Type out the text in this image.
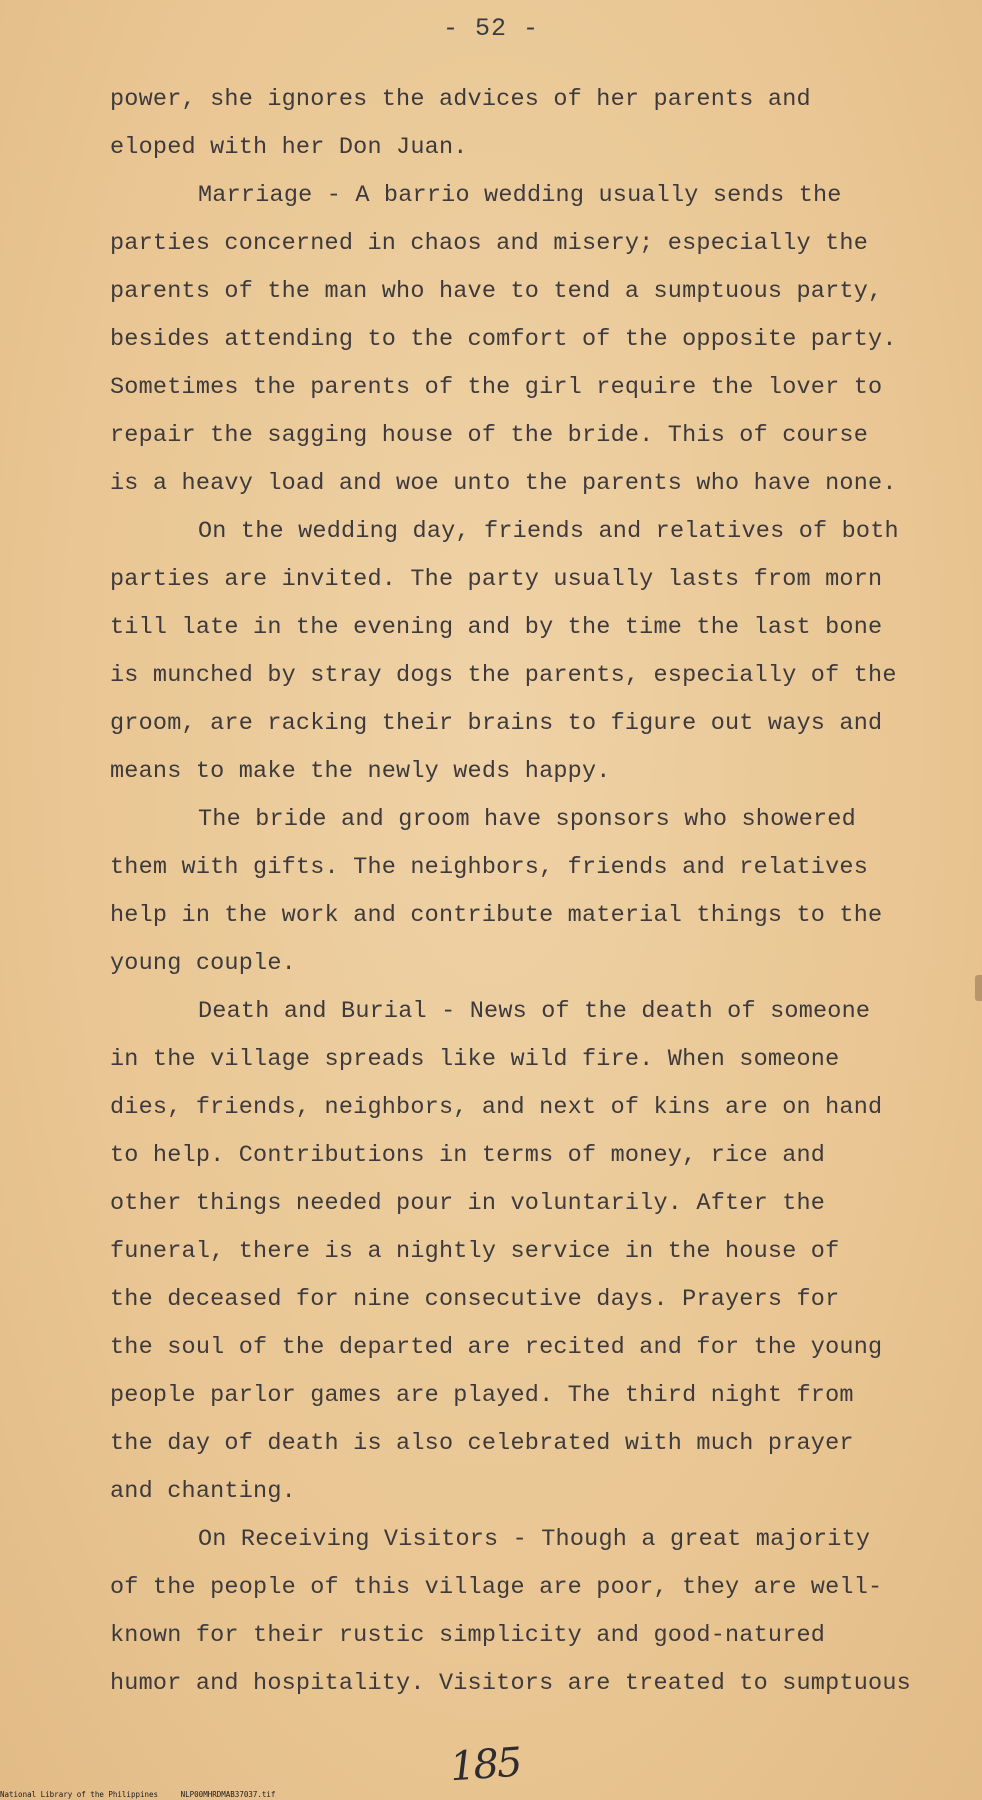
- 52 -

power, she ignores the advices of her parents and

eloped with her Don Juan.

Marriage - A barrio wedding usually sends the

parties concerned in chaos and misery; especially the

parents of the man who have to tend a sumptuous party,

besides attending to the comfort of the opposite party.

Sometimes the parents of the girl require the lover to

repair the sagging house of the bride. This of course

is a heavy load and woe unto the parents who have none.

On the wedding day, friends and relatives of both

parties are invited. The party usually lasts from morn

till late in the evening and by the time the last bone

is munched by stray dogs the parents, especially of the

groom, are racking their brains to figure out ways and

means to make the newly weds happy.

The bride and groom have sponsors who showered

them with gifts. The neighbors, friends and relatives

help in the work and contribute material things to the

young couple.

Death and Burial - News of the death of someone

in the village spreads like wild fire. When someone

dies, friends, neighbors, and next of kins are on hand

to help. Contributions in terms of money, rice and

other things needed pour in voluntarily. After the

funeral, there is a nightly service in the house of

the deceased for nine consecutive days. Prayers for

the soul of the departed are recited and for the young

people parlor games are played. The third night from

the day of death is also celebrated with much prayer

and chanting.

On Receiving Visitors - Though a great majority

of the people of this village are poor, they are well-

known for their rustic simplicity and good-natured

humor and hospitality. Visitors are treated to sumptuous

185
National Library of the Philippines	NLP00MHRDMAB37037.tif
